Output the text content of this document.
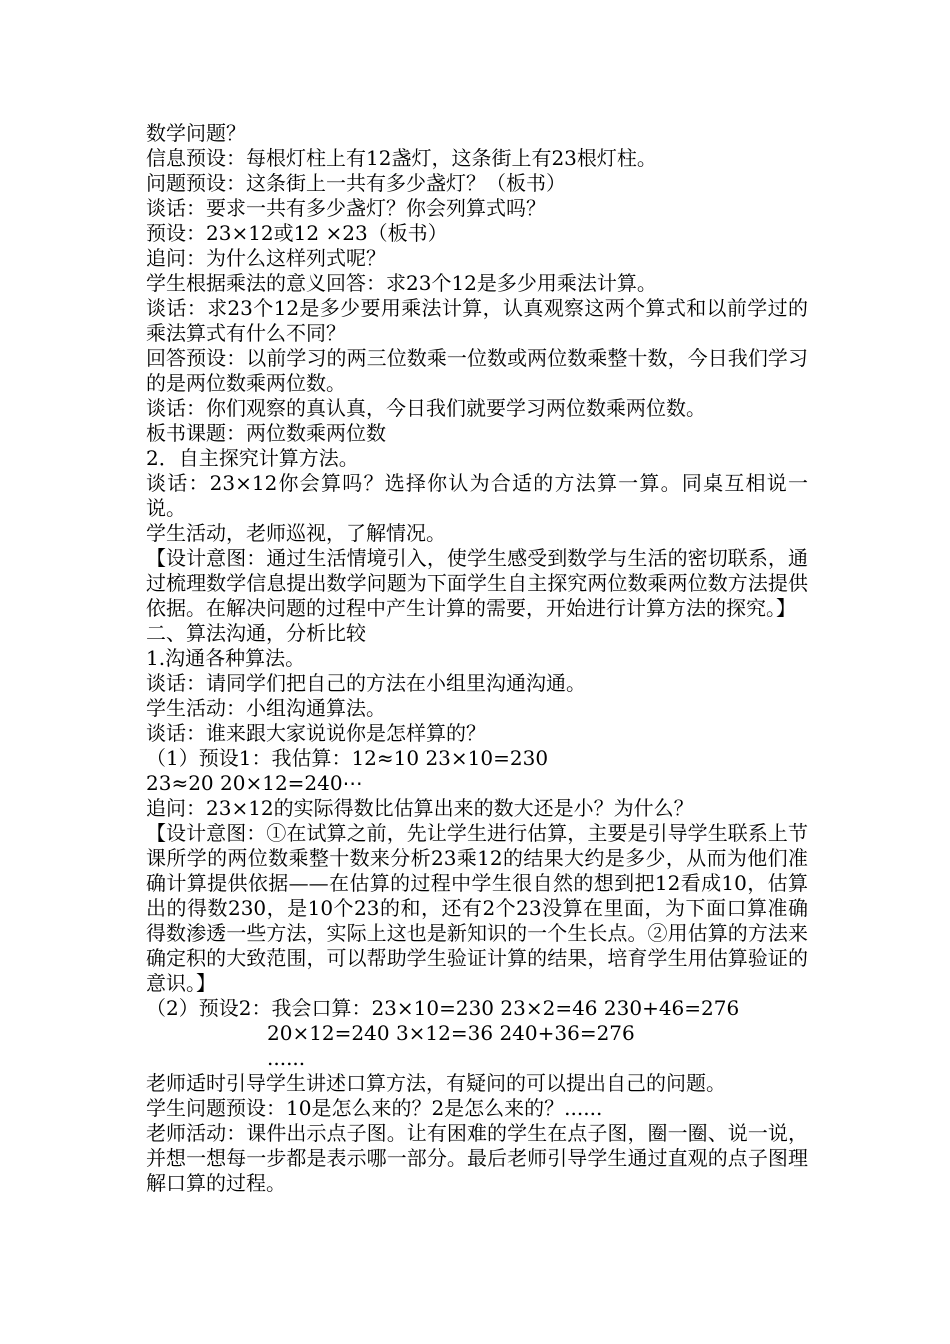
数学问题？
信息预设：每根灯柱上有12盏灯，这条街上有23根灯柱。
问题预设：这条街上一共有多少盏灯？（板书）
谈话：要求一共有多少盏灯？你会列算式吗？
预设：23×12或12 ×23（板书）
追问：为什么这样列式呢？
学生根据乘法的意义回答：求23个12是多少用乘法计算。
谈话：求23个12是多少要用乘法计算，认真观察这两个算式和以前学过的乘法算式有什么不同？
回答预设：以前学习的两三位数乘一位数或两位数乘整十数，今日我们学习的是两位数乘两位数。
谈话：你们观察的真认真，今日我们就要学习两位数乘两位数。
板书课题：两位数乘两位数
2．自主探究计算方法。
谈话：23×12你会算吗？选择你认为合适的方法算一算。同桌互相说一说。
学生活动，老师巡视，了解情况。
【设计意图：通过生活情境引入，使学生感受到数学与生活的密切联系，通过梳理数学信息提出数学问题为下面学生自主探究两位数乘两位数方法提供依据。在解决问题的过程中产生计算的需要，开始进行计算方法的探究。】
二、算法沟通，分析比较
1.沟通各种算法。
谈话：请同学们把自己的方法在小组里沟通沟通。
学生活动：小组沟通算法。
谈话：谁来跟大家说说你是怎样算的？
（1）预设1：我估算：12≈10 23×10=230
23≈20 20×12=240⋯
追问：23×12的实际得数比估算出来的数大还是小？为什么？
【设计意图：①在试算之前，先让学生进行估算，主要是引导学生联系上节课所学的两位数乘整十数来分析23乘12的结果大约是多少，从而为他们准确计算提供依据——在估算的过程中学生很自然的想到把12看成10，估算出的得数230，是10个23的和，还有2个23没算在里面，为下面口算准确得数渗透一些方法，实际上这也是新知识的一个生长点。②用估算的方法来确定积的大致范围，可以帮助学生验证计算的结果，培育学生用估算验证的意识。】
（2）预设2：我会口算：23×10=230 23×2=46 230+46=276
20×12=240 3×12=36 240+36=276
......
老师适时引导学生讲述口算方法，有疑问的可以提出自己的问题。
学生问题预设：10是怎么来的？2是怎么来的？......
老师活动：课件出示点子图。让有困难的学生在点子图，圈一圈、说一说，并想一想每一步都是表示哪一部分。最后老师引导学生通过直观的点子图理解口算的过程。
